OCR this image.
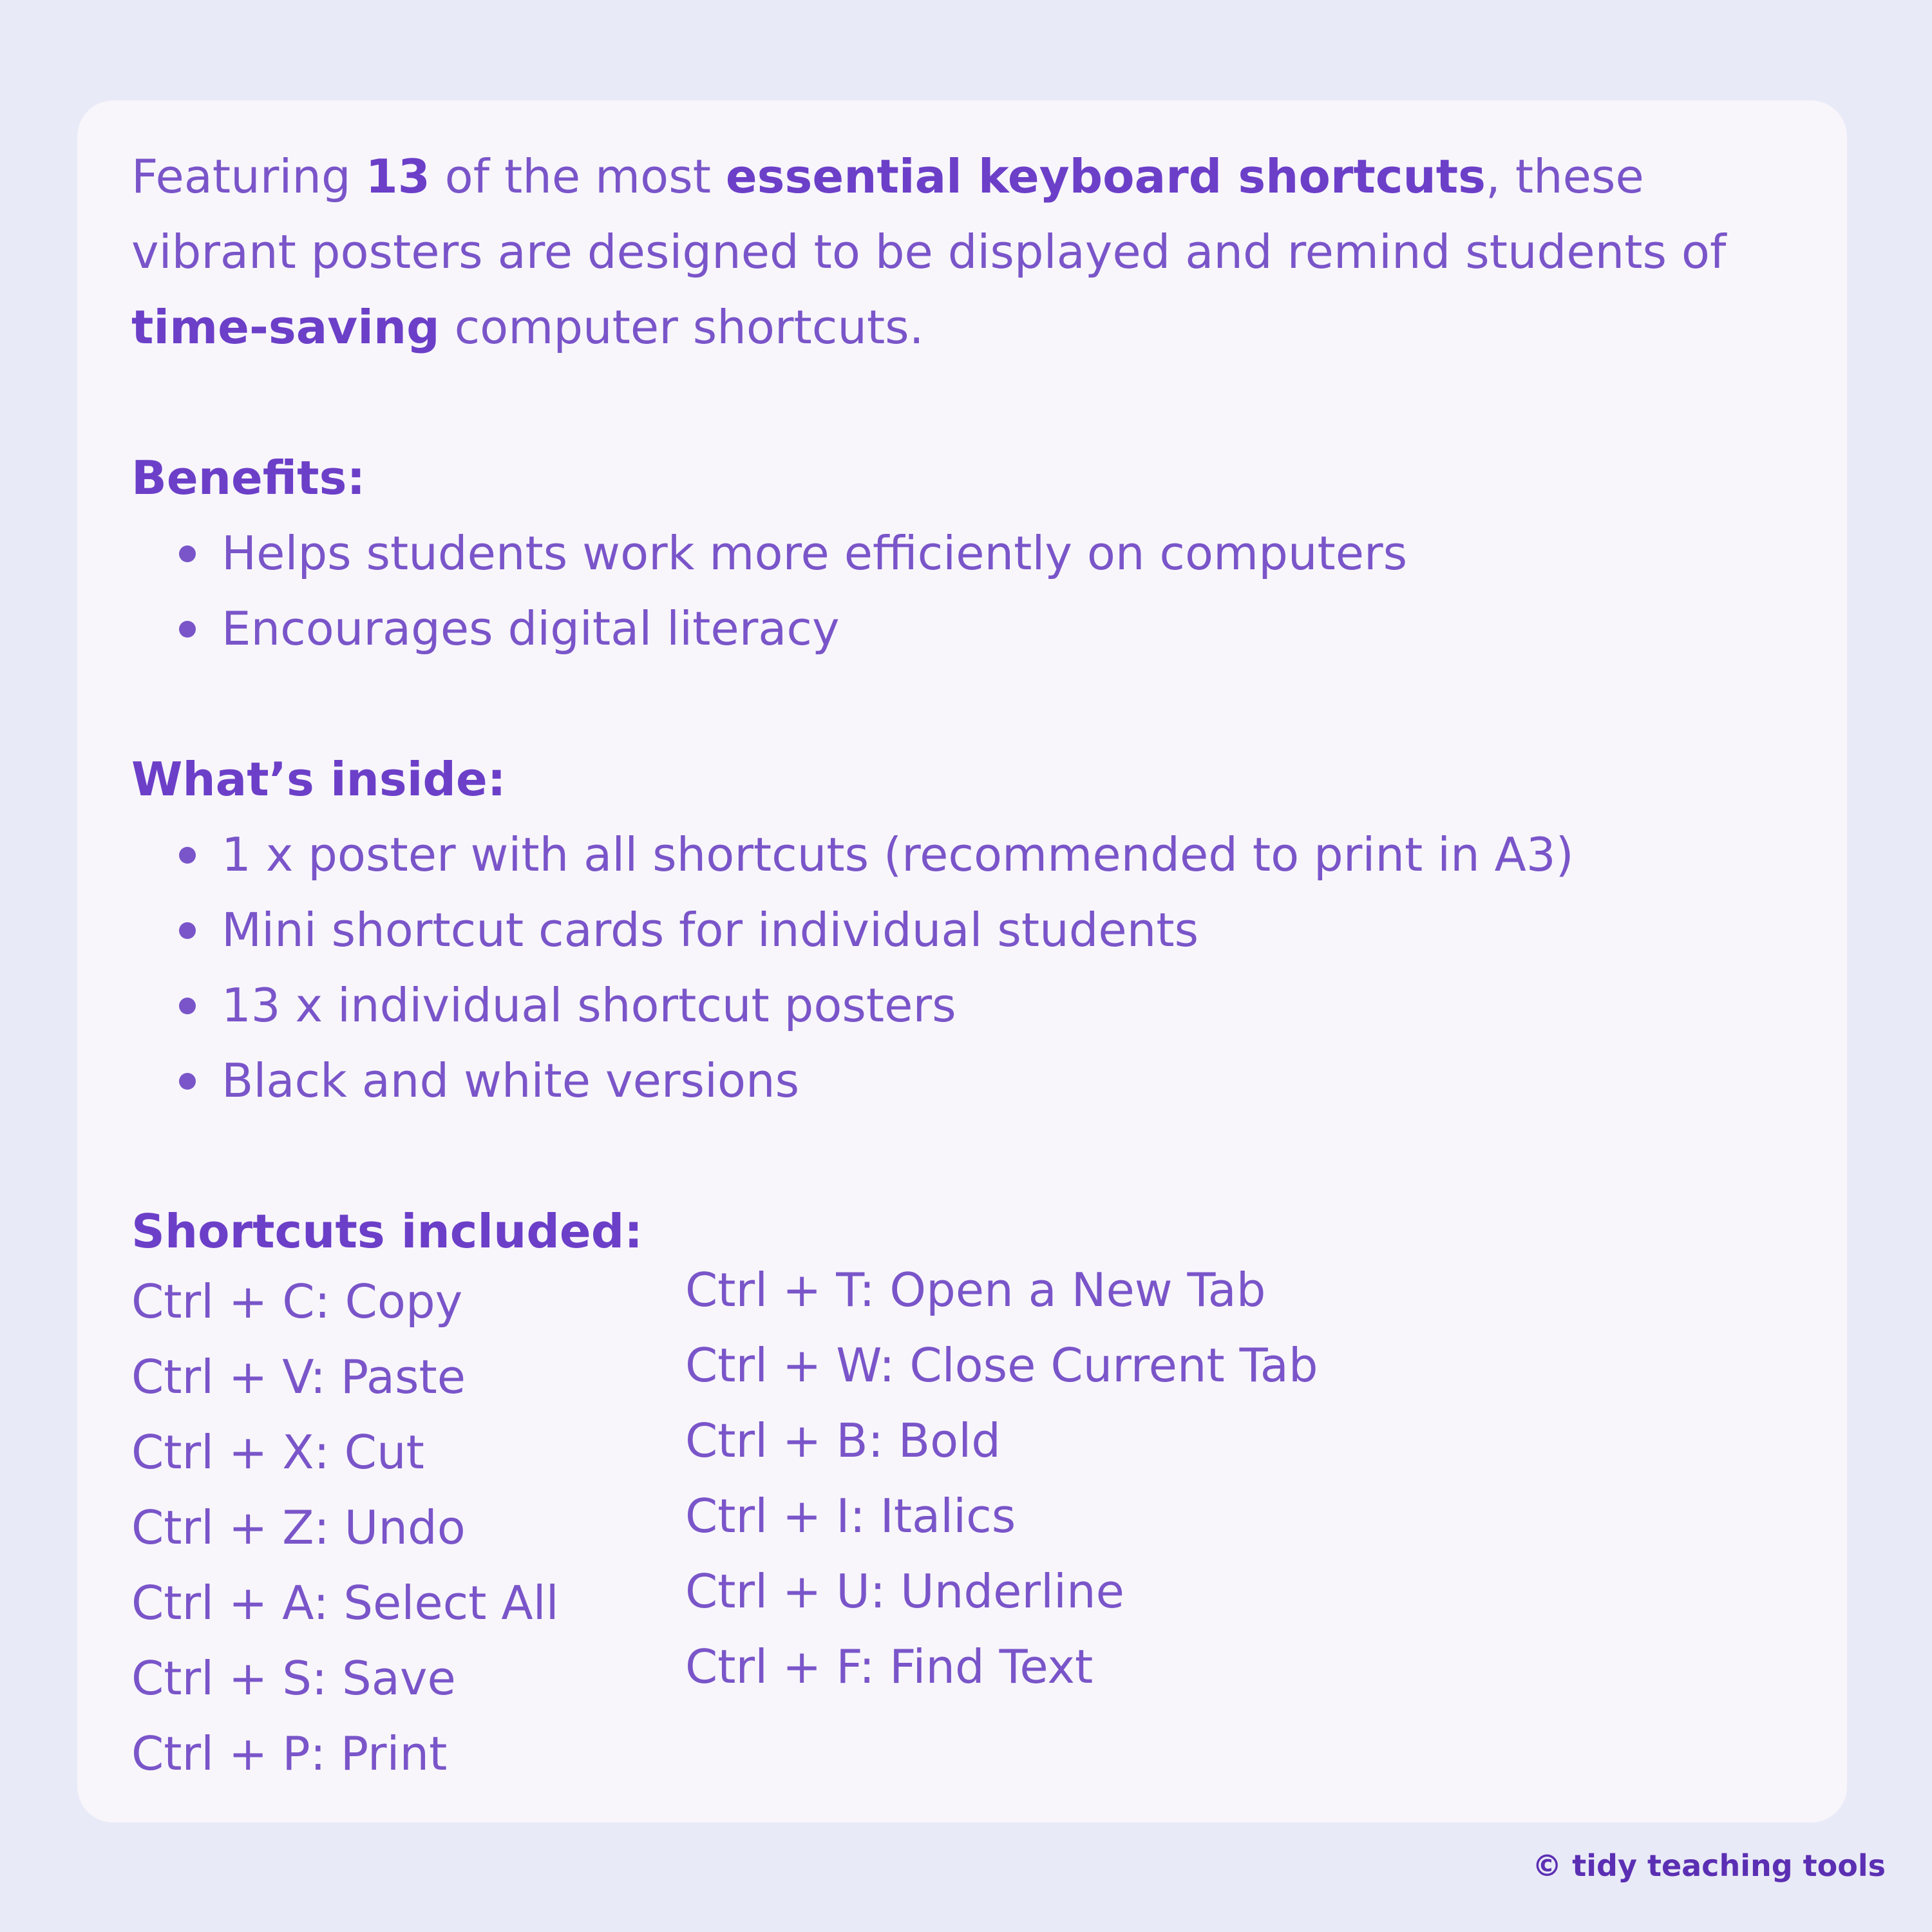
Featuring 13 of the most essential keyboard shortcuts, these vibrant posters are designed to be displayed and remind students of time-saving computer shortcuts.

Benefits:
Helps students work more efficiently on computers
Encourages digital literacy
What’s inside:
1 x poster with all shortcuts (recommended to print in A3)
Mini shortcut cards for individual students
13 x individual shortcut posters
Black and white versions
Shortcuts included:
Ctrl + C: Copy
Ctrl + V: Paste
Ctrl + X: Cut
Ctrl + Z: Undo
Ctrl + A: Select All
Ctrl + S: Save
Ctrl + P: Print
Ctrl + T: Open a New Tab
Ctrl + W: Close Current Tab
Ctrl + B: Bold
Ctrl + I: Italics
Ctrl + U: Underline
Ctrl + F: Find Text
© tidy teaching tools
